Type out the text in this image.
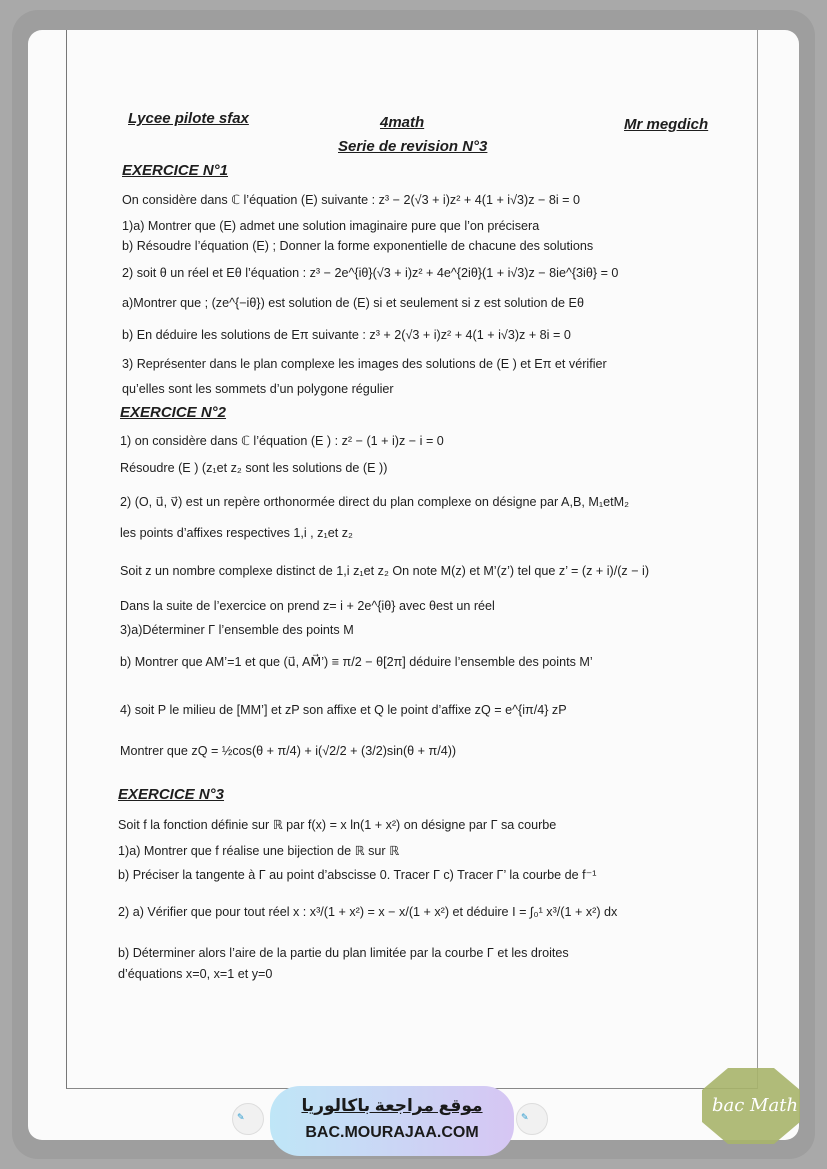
Lycee pilote sfax	4math	Mr megdich
Serie de revision N°3
EXERCICE N°1
On considère dans ℂ l’équation (E) suivante : z³ − 2(√3 + i)z² + 4(1 + i√3)z − 8i = 0
1)a) Montrer que (E) admet une solution imaginaire pure que l’on précisera
b) Résoudre l’équation (E) ; Donner la forme exponentielle de chacune des solutions
2) soit θ un réel et Eθ l’équation : z³ − 2e^{iθ}(√3 + i)z² + 4e^{2iθ}(1 + i√3)z − 8ie^{3iθ} = 0
a)Montrer que ; (ze^{−iθ}) est solution de (E) si et seulement si z est solution de Eθ
b) En déduire les solutions de Eπ suivante : z³ + 2(√3 + i)z² + 4(1 + i√3)z + 8i = 0
3) Représenter dans le plan complexe les images des solutions de (E ) et Eπ et vérifier
qu’elles sont les sommets d’un polygone régulier
EXERCICE N°2
1) on considère dans ℂ l’équation (E ) : z² − (1 + i)z − i = 0
Résoudre (E ) (z₁et z₂ sont les solutions de (E ))
2) (O, u⃗, v⃗) est un repère orthonormée direct du plan complexe on désigne par A,B, M₁etM₂
les points d’affixes respectives 1,i , z₁et z₂
Soit z un nombre complexe distinct de 1,i z₁et z₂ On note M(z) et M’(z’) tel que z’ = (z + i)/(z − i)
Dans la suite de l’exercice on prend z= i + 2e^{iθ} avec θest un réel
3)a)Déterminer Γ l’ensemble des points M
b) Montrer que AM’=1 et que (u⃗, AM⃗’) ≡ π/2 − θ[2π] déduire l’ensemble des points M’
4) soit P le milieu de [MM’] et zP son affixe et Q le point d’affixe zQ = e^{iπ/4} zP
Montrer que zQ = ½cos(θ + π/4) + i(√2/2 + (3/2)sin(θ + π/4))
EXERCICE N°3
Soit f la fonction définie sur ℝ par f(x) = x ln(1 + x²) on désigne par Γ sa courbe
1)a) Montrer que f réalise une bijection de ℝ sur ℝ
b) Préciser la tangente à Γ au point d’abscisse 0. Tracer Γ c) Tracer Γ’ la courbe de f⁻¹
2) a) Vérifier que pour tout réel x : x³/(1 + x²) = x − x/(1 + x²) et déduire I = ∫₀¹ x³/(1 + x²) dx
b) Déterminer alors l’aire de la partie du plan limitée par la courbe Γ et les droites
d’équations x=0, x=1 et y=0
✎	✎
موقع مراجعة باكالوريا
BAC.MOURAJAA.COM
bac Math
